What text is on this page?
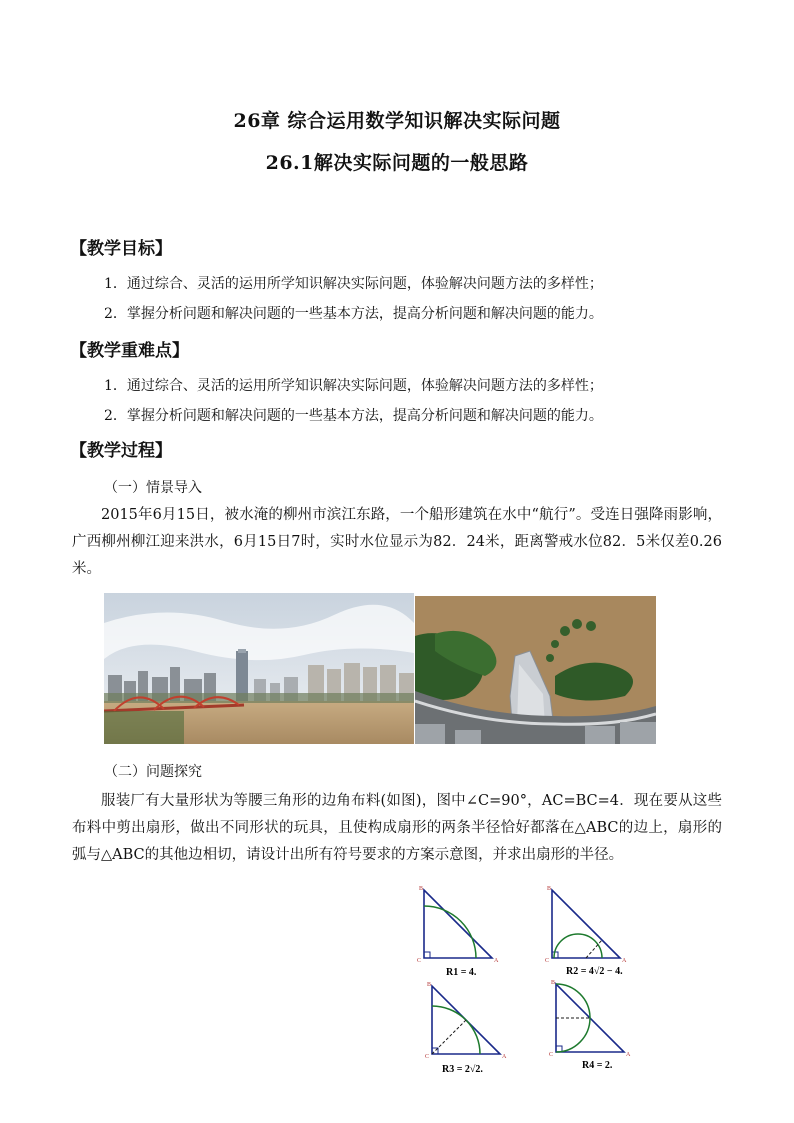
26章 综合运用数学知识解决实际问题
26.1解决实际问题的一般思路
【教学目标】
1．通过综合、灵活的运用所学知识解决实际问题，体验解决问题方法的多样性；
2．掌握分析问题和解决问题的一些基本方法，提高分析问题和解决问题的能力。
【教学重难点】
1．通过综合、灵活的运用所学知识解决实际问题，体验解决问题方法的多样性；
2．掌握分析问题和解决问题的一些基本方法，提高分析问题和解决问题的能力。
【教学过程】
（一）情景导入
2015年6月15日，被水淹的柳州市滨江东路，一个船形建筑在水中“航行”。受连日强降雨影响，广西柳州柳江迎来洪水，6月15日7时，实时水位显示为82．24米，距离警戒水位82．5米仅差0.26米。
（二）问题探究
服装厂有大量形状为等腰三角形的边角布料(如图)，图中∠C=90°，AC=BC=4．现在要从这些布料中剪出扇形，做出不同形状的玩具，且使构成扇形的两条半径恰好都落在△ABC的边上，扇形的弧与△ABC的其他边相切，请设计出所有符号要求的方案示意图，并求出扇形的半径。
B
C	A
R1 = 4.
B
C	A
R2 = 4√2 − 4.
B
C	A
R3 = 2√2.
B
C	A
R4 = 2.
